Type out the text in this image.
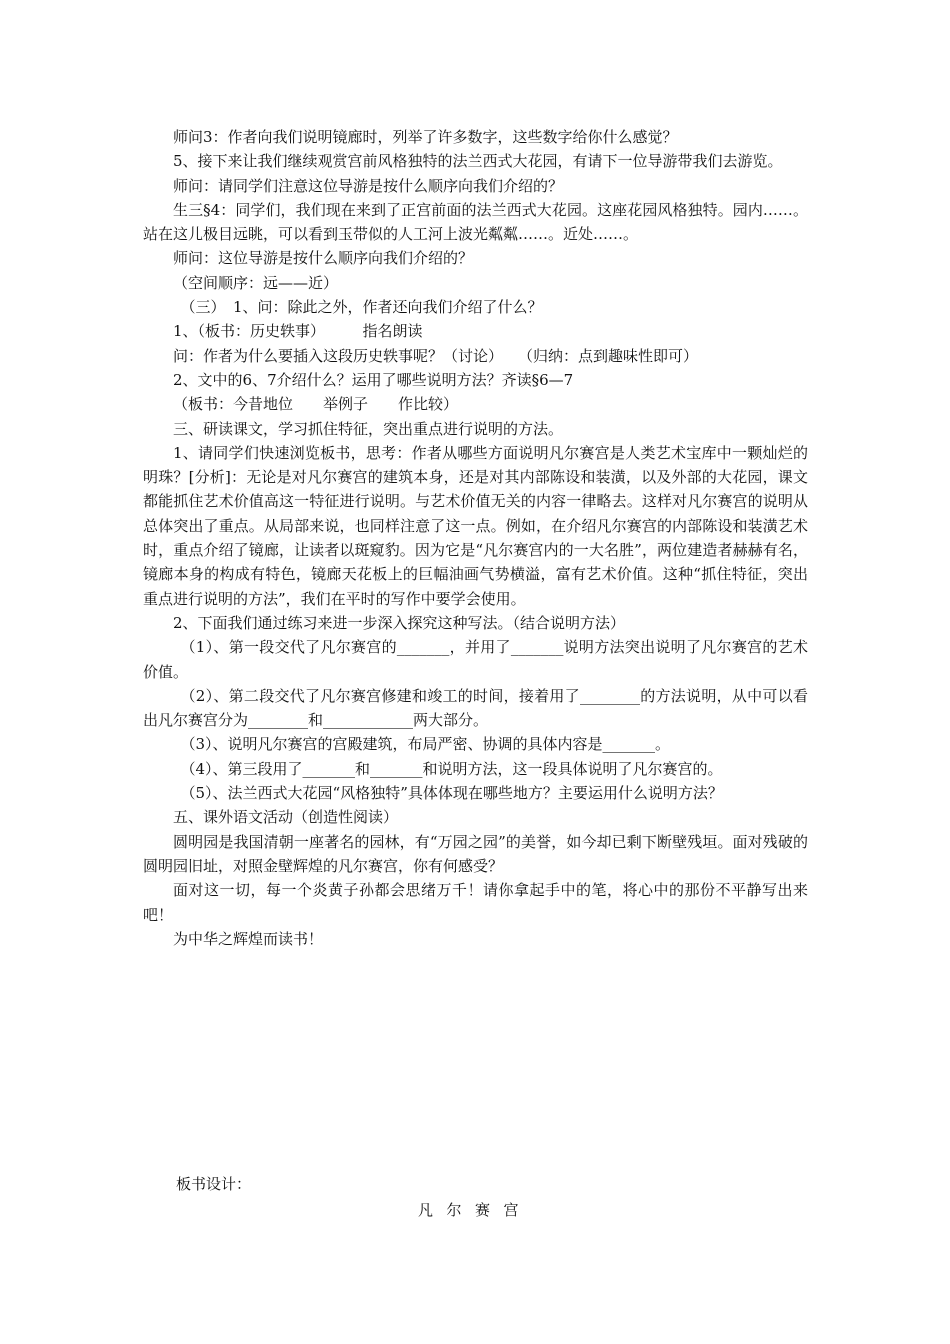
师问3：作者向我们说明镜廊时，列举了许多数字，这些数字给你什么感觉？

5、接下来让我们继续观赏宫前风格独特的法兰西式大花园，有请下一位导游带我们去游览。

师问：请同学们注意这位导游是按什么顺序向我们介绍的？

生三§4：同学们，我们现在来到了正宫前面的法兰西式大花园。这座花园风格独特。园内……。站在这儿极目远眺，可以看到玉带似的人工河上波光粼粼……。近处……。

师问：这位导游是按什么顺序向我们介绍的？

（空间顺序：远——近）

（三）　1、问：除此之外，作者还向我们介绍了什么？

1、（板书：历史轶事）　　　指名朗读

问：作者为什么要插入这段历史轶事呢？（讨论）　　（归纳：点到趣味性即可）

2、文中的6、7介绍什么？运用了哪些说明方法？齐读§6—7

（板书：今昔地位　　举例子　　作比较）

三、研读课文，学习抓住特征，突出重点进行说明的方法。

1、请同学们快速浏览板书，思考：作者从哪些方面说明凡尔赛宫是人类艺术宝库中一颗灿烂的明珠？[分析]：无论是对凡尔赛宫的建筑本身，还是对其内部陈设和装潢，以及外部的大花园，课文都能抓住艺术价值高这一特征进行说明。与艺术价值无关的内容一律略去。这样对凡尔赛宫的说明从总体突出了重点。从局部来说，也同样注意了这一点。例如，在介绍凡尔赛宫的内部陈设和装潢艺术时，重点介绍了镜廊，让读者以斑窥豹。因为它是“凡尔赛宫内的一大名胜”，两位建造者赫赫有名，镜廊本身的构成有特色，镜廊天花板上的巨幅油画气势横溢，富有艺术价值。这种“抓住特征，突出重点进行说明的方法”，我们在平时的写作中要学会使用。

2、下面我们通过练习来进一步深入探究这种写法。（结合说明方法）

（1）、第一段交代了凡尔赛宫的_______，并用了_______说明方法突出说明了凡尔赛宫的艺术价值。

（2）、第二段交代了凡尔赛宫修建和竣工的时间，接着用了________的方法说明，从中可以看出凡尔赛宫分为________和____________两大部分。

（3）、说明凡尔赛宫的宫殿建筑，布局严密、协调的具体内容是_______。

（4）、第三段用了_______和_______和说明方法，这一段具体说明了凡尔赛宫的。

（5）、法兰西式大花园“风格独特”具体体现在哪些地方？主要运用什么说明方法？

五、课外语文活动（创造性阅读）

圆明园是我国清朝一座著名的园林，有“万园之园”的美誉，如今却已剩下断壁残垣。面对残破的圆明园旧址，对照金壁辉煌的凡尔赛宫，你有何感受？

面对这一切，每一个炎黄子孙都会思绪万千！请你拿起手中的笔，将心中的那份不平静写出来吧！

为中华之辉煌而读书！

板书设计：
凡尔赛宫
